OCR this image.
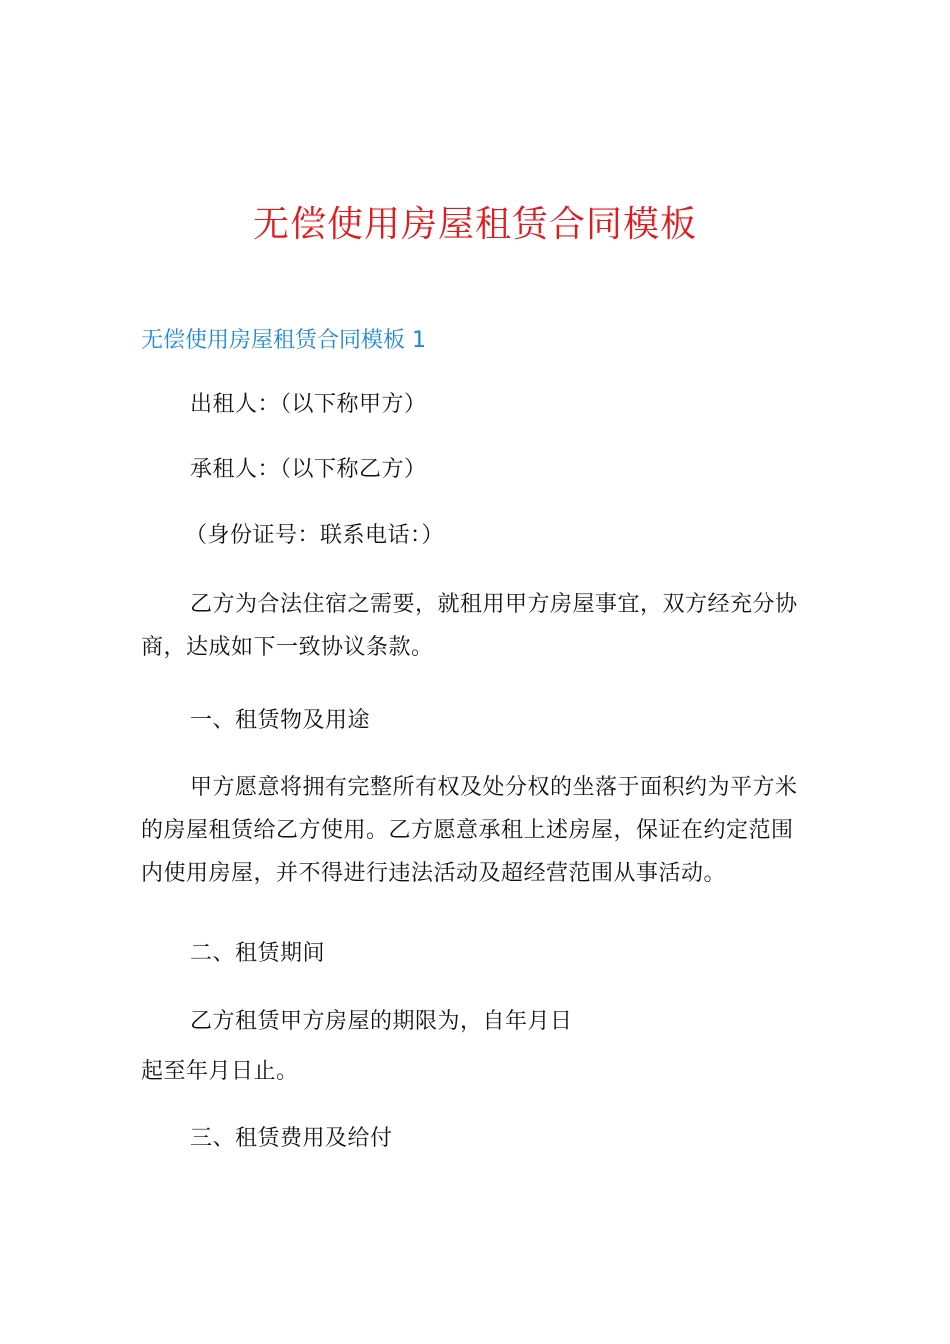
无偿使用房屋租赁合同模板
无偿使用房屋租赁合同模板 1

出租人：（以下称甲方）

承租人：（以下称乙方）

（身份证号：联系电话：）

乙方为合法住宿之需要，就租用甲方房屋事宜，双方经充分协商，达成如下一致协议条款。

一、租赁物及用途

甲方愿意将拥有完整所有权及处分权的坐落于面积约为平方米的房屋租赁给乙方使用。乙方愿意承租上述房屋，保证在约定范围内使用房屋，并不得进行违法活动及超经营范围从事活动。

二、租赁期间

乙方租赁甲方房屋的期限为，自年月日

起至年月日止。

三、租赁费用及给付
